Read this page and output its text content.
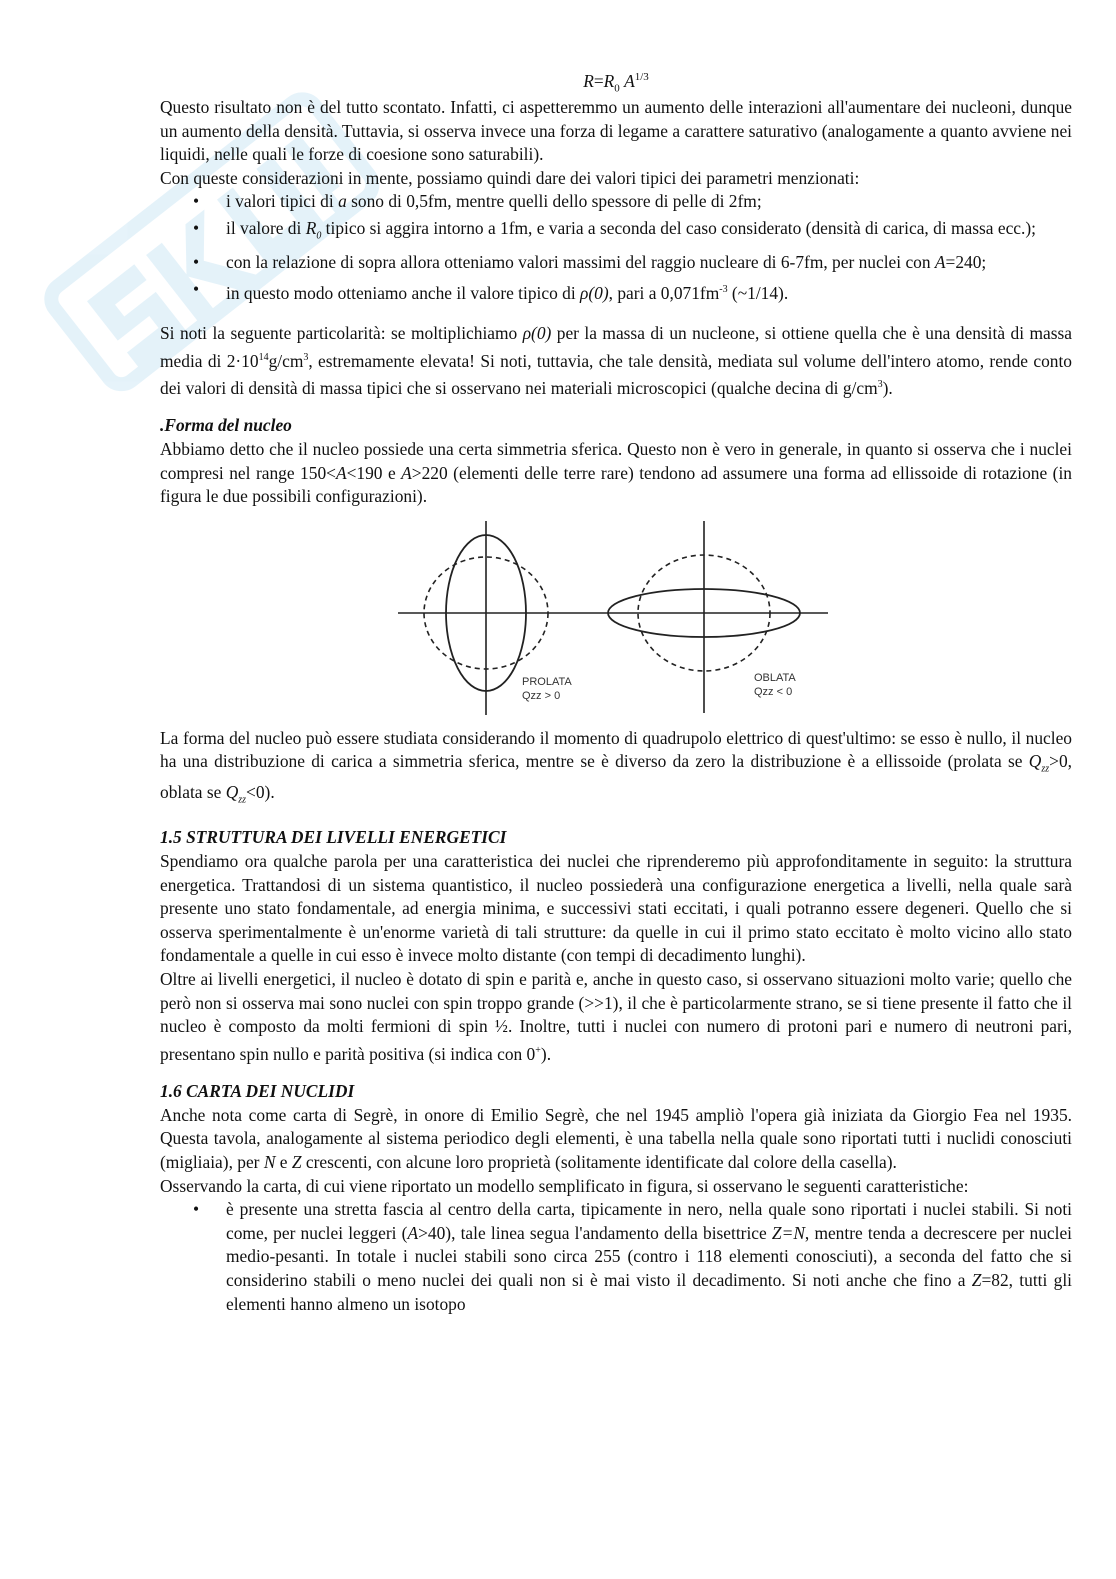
$R=R_0$ $A^{1/3}$

Questo risultato non è del tutto scontato. Infatti, ci aspetteremmo un aumento delle interazioni all'aumentare dei nucleoni, dunque un aumento della densità. Tuttavia, si osserva invece una forza di legame a carattere saturativo (analogamente a quanto avviene nei liquidi, nelle quali le forze di coesione sono saturabili).

Con queste considerazioni in mente, possiamo quindi dare dei valori tipici dei parametri menzionati:

• i valori tipici di a sono di 0,5fm, mentre quelli dello spessore di pelle di 2fm;
• il valore di $R_0$ tipico si aggira intorno a 1fm, e varia a seconda del caso considerato (densità di carica, di massa ecc.);
• con la relazione di sopra allora otteniamo valori massimi del raggio nucleare di 6-7fm, per nuclei con A=240;
• in questo modo otteniamo anche il valore tipico di ρ(0), pari a $0,071fm^{-3}$ (~1/14).

Si noti la seguente particolarità: se moltiplichiamo ρ(0) per la massa di un nucleone, si ottiene quella che è una densità di massa media di $2\cdot 10^{14}g/cm^3$, estremamente elevata! Si noti, tuttavia, che tale densità, mediata sul volume dell'intero atomo, rende conto dei valori di densità di massa tipici che si osservano nei materiali microscopici (qualche decina di $g/cm^3$).

.Forma del nucleo

Abbiamo detto che il nucleo possiede una certa simmetria sferica. Questo non è vero in generale, in quanto si osserva che i nuclei compresi nel range 150<A<190 e A>220 (elementi delle terre rare) tendono ad assumere una forma ad ellissoide di rotazione (in figura le due possibili configurazioni).

PROLATA
Qzz > 0
OBLATA
Qzz < 0

La forma del nucleo può essere studiata considerando il momento di quadrupolo elettrico di quest'ultimo: se esso è nullo, il nucleo ha una distribuzione di carica a simmetria sferica, mentre se è diverso da zero la distribuzione è a ellissoide (prolata se $Q_{zz}>0$, oblata se $Q_{zz}<0$).

1.5 STRUTTURA DEI LIVELLI ENERGETICI

Spendiamo ora qualche parola per una caratteristica dei nuclei che riprenderemo più approfonditamente in seguito: la struttura energetica. Trattandosi di un sistema quantistico, il nucleo possiederà una configurazione energetica a livelli, nella quale sarà presente uno stato fondamentale, ad energia minima, e successivi stati eccitati, i quali potranno essere degeneri. Quello che si osserva sperimentalmente è un'enorme varietà di tali strutture: da quelle in cui il primo stato eccitato è molto vicino allo stato fondamentale a quelle in cui esso è invece molto distante (con tempi di decadimento lunghi).

Oltre ai livelli energetici, il nucleo è dotato di spin e parità e, anche in questo caso, si osservano situazioni molto varie; quello che però non si osserva mai sono nuclei con spin troppo grande (>>1), il che è particolarmente strano, se si tiene presente il fatto che il nucleo è composto da molti fermioni di spin ½. Inoltre, tutti i nuclei con numero di protoni pari e numero di neutroni pari, presentano spin nullo e parità positiva (si indica con 0+).

1.6 CARTA DEI NUCLIDI

Anche nota come carta di Segrè, in onore di Emilio Segrè, che nel 1945 ampliò l'opera già iniziata da Giorgio Fea nel 1935. Questa tavola, analogamente al sistema periodico degli elementi, è una tabella nella quale sono riportati tutti i nuclidi conosciuti (migliaia), per N e Z crescenti, con alcune loro proprietà (solitamente identificate dal colore della casella).

Osservando la carta, di cui viene riportato un modello semplificato in figura, si osservano le seguenti caratteristiche:

• è presente una stretta fascia al centro della carta, tipicamente in nero, nella quale sono riportati i nuclei stabili. Si noti come, per nuclei leggeri (A>40), tale linea segua l'andamento della bisettrice Z=N, mentre tenda a decrescere per nuclei medio-pesanti. In totale i nuclei stabili sono circa 255 (contro i 118 elementi conosciuti), a seconda del fatto che si considerino stabili o meno nuclei dei quali non si è mai visto il decadimento. Si noti anche che fino a Z=82, tutti gli elementi hanno almeno un isotopo
